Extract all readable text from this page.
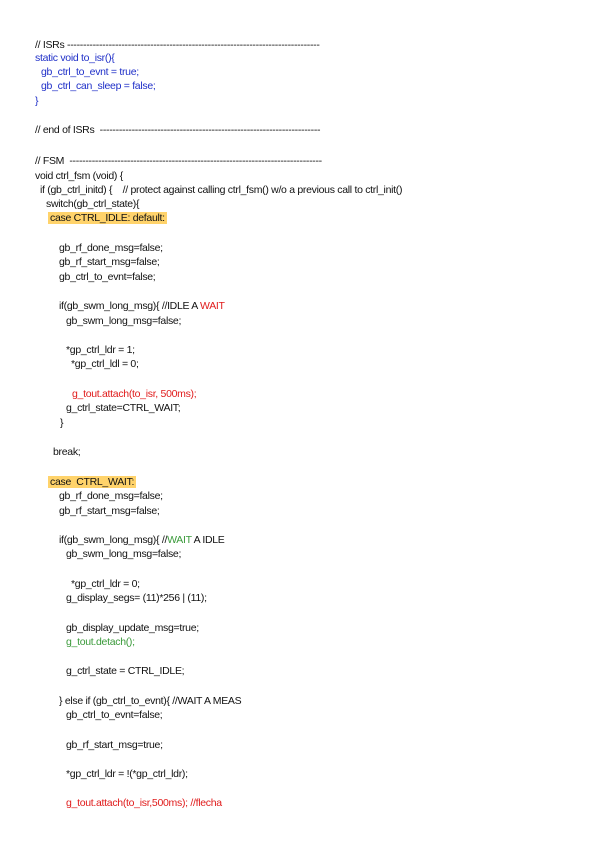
// ISRs -------------------------------------------------------------------------------
static void to_isr(){
gb_ctrl_to_evnt = true;
gb_ctrl_can_sleep = false;
}
// end of ISRs  ---------------------------------------------------------------------
// FSM  -------------------------------------------------------------------------------
void ctrl_fsm (void) {
if (gb_ctrl_initd) {    // protect against calling ctrl_fsm() w/o a previous call to ctrl_init()
switch(gb_ctrl_state){
case CTRL_IDLE: default:
gb_rf_done_msg=false;
gb_rf_start_msg=false;
gb_ctrl_to_evnt=false;
if(gb_swm_long_msg){ //IDLE A WAIT
gb_swm_long_msg=false;
*gp_ctrl_ldr = 1;
*gp_ctrl_ldl = 0;
g_tout.attach(to_isr, 500ms);
g_ctrl_state=CTRL_WAIT;
}
break;
case  CTRL_WAIT:
gb_rf_done_msg=false;
gb_rf_start_msg=false;
if(gb_swm_long_msg){ //WAIT A IDLE
gb_swm_long_msg=false;
*gp_ctrl_ldr = 0;
g_display_segs= (11)*256 | (11);
gb_display_update_msg=true;
g_tout.detach();
g_ctrl_state = CTRL_IDLE;
} else if (gb_ctrl_to_evnt){ //WAIT A MEAS
gb_ctrl_to_evnt=false;
gb_rf_start_msg=true;
*gp_ctrl_ldr = !(*gp_ctrl_ldr);
g_tout.attach(to_isr,500ms); //flecha
